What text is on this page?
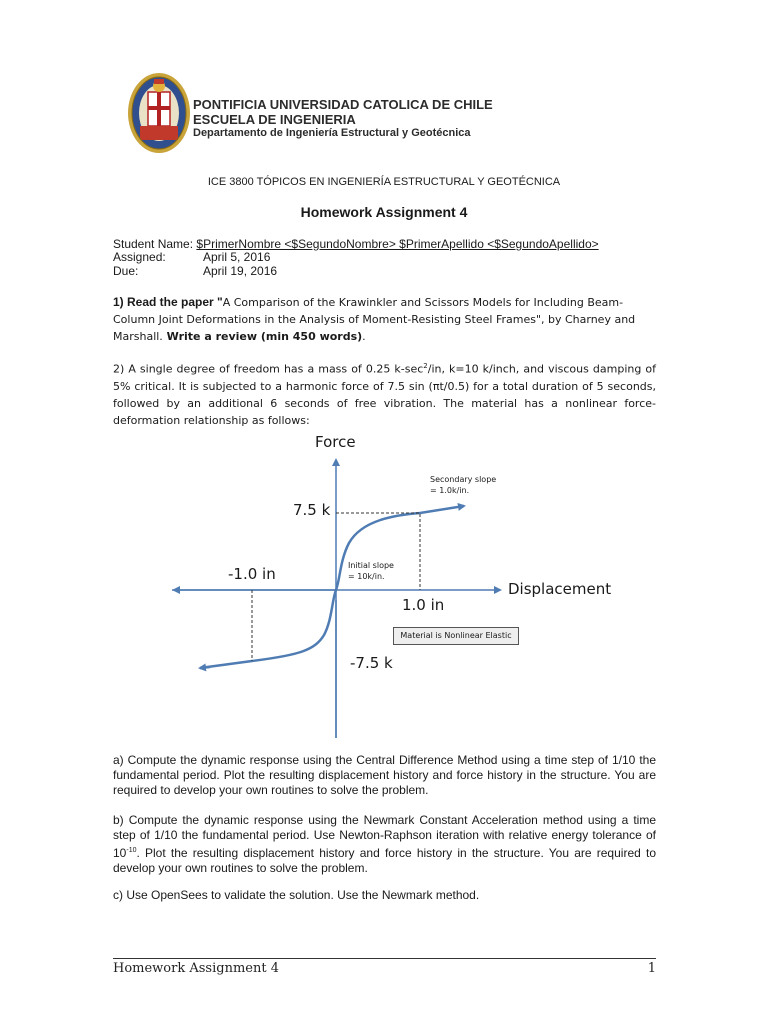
PONTIFICIA UNIVERSIDAD CATOLICA DE CHILE
ESCUELA DE INGENIERIA
Departamento de Ingeniería Estructural y Geotécnica
ICE 3800 TÓPICOS EN INGENIERÍA ESTRUCTURAL Y GEOTÉCNICA
Homework Assignment 4
Student Name: $PrimerNombre <$SegundoNombre> $PrimerApellido <$SegundoApellido>
Assigned:	April 5, 2016
Due:	April 19, 2016
1) Read the paper "A Comparison of the Krawinkler and Scissors Models for Including Beam-Column Joint Deformations in the Analysis of Moment-Resisting Steel Frames", by Charney and Marshall. Write a review (min 450 words).
2) A single degree of freedom has a mass of 0.25 $k-\sec^2/in$, k=10 k/inch, and viscous damping of 5% critical. It is subjected to a harmonic force of 7.5 sin (πt/0.5) for a total duration of 5 seconds, followed by an additional 6 seconds of free vibration. The material has a nonlinear force-deformation relationship as follows:
Force
Displacement
7.5 k
-7.5 k
1.0 in
-1.0 in
Secondary slope
= 1.0k/in.
Initial slope
= 10k/in.
Material is Nonlinear Elastic
a) Compute the dynamic response using the Central Difference Method using a time step of 1/10 the fundamental period. Plot the resulting displacement history and force history in the structure. You are required to develop your own routines to solve the problem.
b) Compute the dynamic response using the Newmark Constant Acceleration method using a time step of 1/10 the fundamental period. Use Newton-Raphson iteration with relative energy tolerance of $10^{-10}$. Plot the resulting displacement history and force history in the structure. You are required to develop your own routines to solve the problem.
c) Use OpenSees to validate the solution. Use the Newmark method.
Homework Assignment 4	1
